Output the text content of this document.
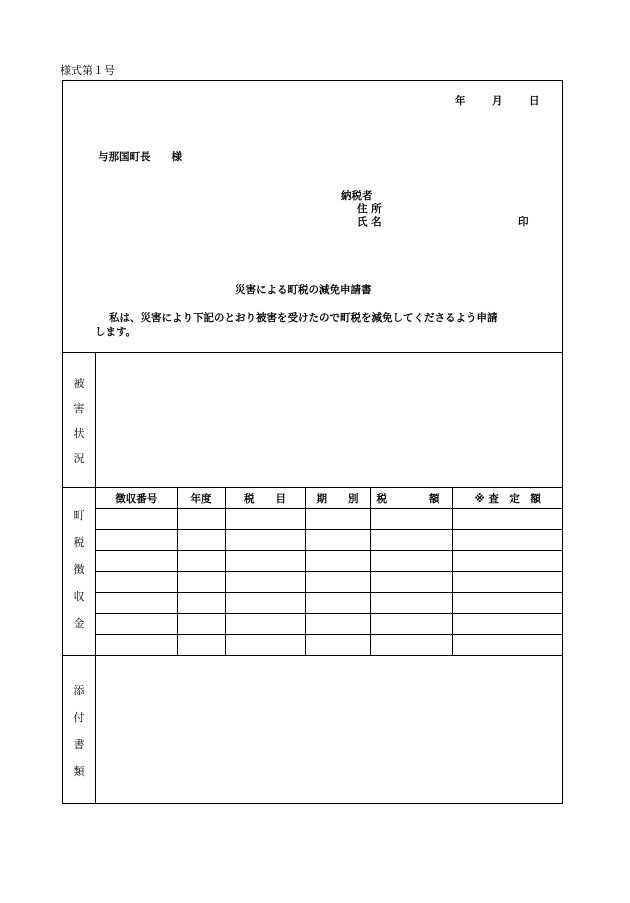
様式第１号
年	月	日
与那国町長　　様
納税者
住 所
氏 名	印
災害による町税の減免申請書
私は、災害により下記のとおり被害を受けたので町税を減免してくださるよう申請
します。
被
害
状
況
町
税
徴
収
金
徴収番号	年度	税　　目	期　　別	税　　　　額	※ 査　定　額

添
付
書
類
